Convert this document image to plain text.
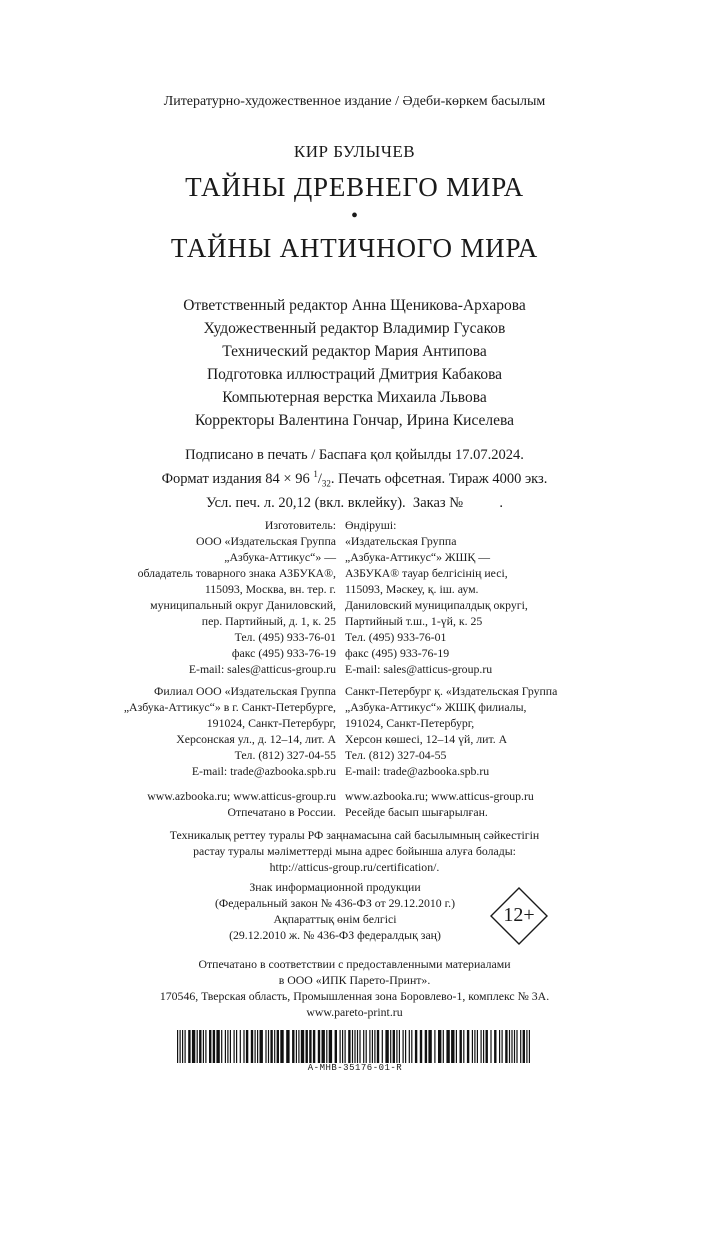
Литературно-художественное издание / Әдеби-көркем басылым
КИР БУЛЫЧЕВ
ТАЙНЫ ДРЕВНЕГО МИРА
•
ТАЙНЫ АНТИЧНОГО МИРА
Ответственный редактор Анна Щеникова-Архарова
Художественный редактор Владимир Гусаков
Технический редактор Мария Антипова
Подготовка иллюстраций Дмитрия Кабакова
Компьютерная верстка Михаила Львова
Корректоры Валентина Гончар, Ирина Киселева
Подписано в печать / Баспаға қол қойылды 17.07.2024.
Формат издания 84 × 96 $^1/_{32}$. Печать офсетная. Тираж 4000 экз.
Усл. печ. л. 20,12 (вкл. вклейку).  Заказ №          .
Изготовитель:
ООО «Издательская Группа
„Азбука-Аттикус“» —
обладатель товарного знака АЗБУКА®,
115093, Москва, вн. тер. г.
муниципальный округ Даниловский,
пер. Партийный, д. 1, к. 25
Тел. (495) 933-76-01
факс (495) 933-76-19
E-mail: sales@atticus-group.ru
Филиал ООО «Издательская Группа
„Азбука-Аттикус“» в г. Санкт-Петербурге,
191024, Санкт-Петербург,
Херсонская ул., д. 12–14, лит. А
Тел. (812) 327-04-55
E-mail: trade@azbooka.spb.ru
www.azbooka.ru; www.atticus-group.ru
Отпечатано в России.
Өндіруші:
«Издательская Группа
„Азбука-Аттикус“» ЖШҚ —
АЗБУКА® тауар белгісінің иесі,
115093, Мәскеу, қ. іш. аум.
Даниловский муниципалдық округі,
Партийный т.ш., 1-үй, к. 25
Тел. (495) 933-76-01
факс (495) 933-76-19
E-mail: sales@atticus-group.ru
Санкт-Петербург қ. «Издательская Группа
„Азбука-Аттикус“» ЖШҚ филиалы,
191024, Санкт-Петербург,
Херсон көшесі, 12–14 үй, лит. А
Тел. (812) 327-04-55
E-mail: trade@azbooka.spb.ru
www.azbooka.ru; www.atticus-group.ru
Ресейде басып шығарылған.
Техникалық реттеу туралы РФ заңнамасына сай басылымның сәйкестігін
растау туралы мәліметтерді мына адрес бойынша алуға болады:
http://atticus-group.ru/certification/.
Знак информационной продукции
(Федеральный закон № 436-ФЗ от 29.12.2010 г.)
Ақпараттық өнім белгісі
(29.12.2010 ж. № 436-ФЗ федералдық заң)
12+
Отпечатано в соответствии с предоставленными материалами
в ООО «ИПК Парето-Принт».
170546, Тверская область, Промышленная зона Боровлево-1, комплекс № 3А.
www.pareto-print.ru
A-MHB-35176-01-R
